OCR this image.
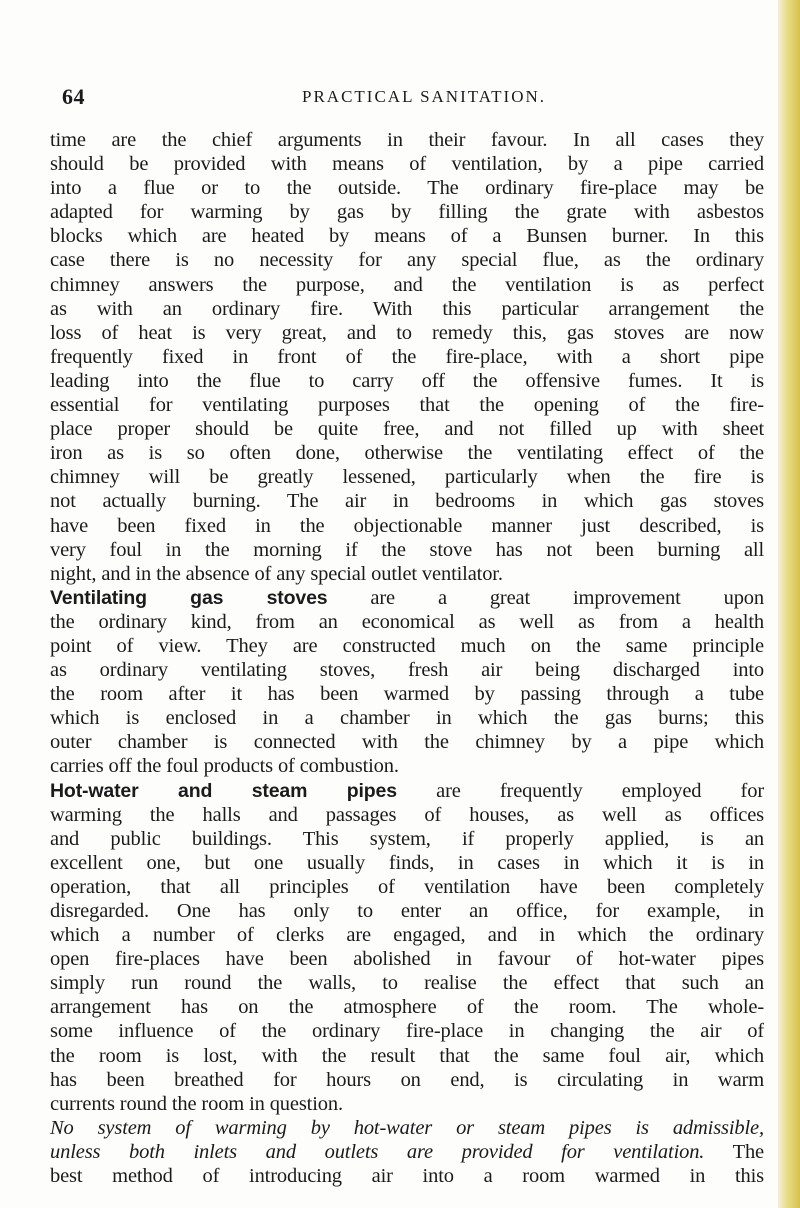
64	PRACTICAL SANITATION.
time are the chief arguments in their favour. In all cases they
should be provided with means of ventilation, by a pipe carried
into a flue or to the outside. The ordinary fire-place may be
adapted for warming by gas by filling the grate with asbestos
blocks which are heated by means of a Bunsen burner. In this
case there is no necessity for any special flue, as the ordinary
chimney answers the purpose, and the ventilation is as perfect
as with an ordinary fire. With this particular arrangement the
loss of heat is very great, and to remedy this, gas stoves are now
frequently fixed in front of the fire-place, with a short pipe
leading into the flue to carry off the offensive fumes. It is
essential for ventilating purposes that the opening of the fire-
place proper should be quite free, and not filled up with sheet
iron as is so often done, otherwise the ventilating effect of the
chimney will be greatly lessened, particularly when the fire is
not actually burning. The air in bedrooms in which gas stoves
have been fixed in the objectionable manner just described, is
very foul in the morning if the stove has not been burning all
night, and in the absence of any special outlet ventilator.
Ventilating gas stoves are a great improvement upon
the ordinary kind, from an economical as well as from a health
point of view. They are constructed much on the same principle
as ordinary ventilating stoves, fresh air being discharged into
the room after it has been warmed by passing through a tube
which is enclosed in a chamber in which the gas burns; this
outer chamber is connected with the chimney by a pipe which
carries off the foul products of combustion.
Hot-water and steam pipes are frequently employed for
warming the halls and passages of houses, as well as offices
and public buildings. This system, if properly applied, is an
excellent one, but one usually finds, in cases in which it is in
operation, that all principles of ventilation have been completely
disregarded. One has only to enter an office, for example, in
which a number of clerks are engaged, and in which the ordinary
open fire-places have been abolished in favour of hot-water pipes
simply run round the walls, to realise the effect that such an
arrangement has on the atmosphere of the room. The whole-
some influence of the ordinary fire-place in changing the air of
the room is lost, with the result that the same foul air, which
has been breathed for hours on end, is circulating in warm
currents round the room in question.
No system of warming by hot-water or steam pipes is admissible,
unless both inlets and outlets are provided for ventilation. The
best method of introducing air into a room warmed in this
